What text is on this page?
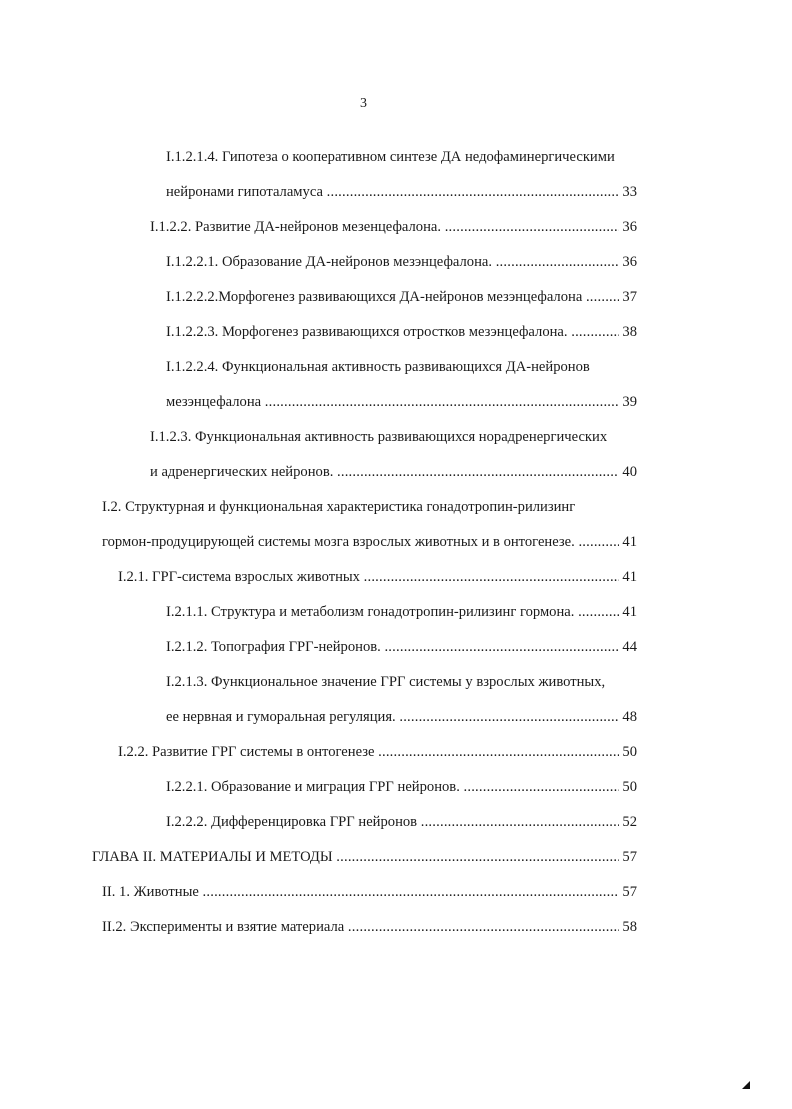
3
I.1.2.1.4. Гипотеза о кооперативном синтезе ДА недофаминергическими
нейронами гипоталамуса	33
.....
I.1.2.2. Развитие ДА-нейронов мезенцефалона.	36
.....
I.1.2.2.1. Образование ДА-нейронов мезэнцефалона.	36
.....
I.1.2.2.2.Морфогенез развивающихся ДА-нейронов мезэнцефалона	37
.....
I.1.2.2.3. Морфогенез развивающихся отростков мезэнцефалона.	38
.....
I.1.2.2.4. Функциональная активность развивающихся ДА-нейронов
мезэнцефалона	39
.....
I.1.2.3. Функциональная активность развивающихся норадренергических
и адренергических нейронов.	40
.....
I.2. Структурная и функциональная характеристика гонадотропин-рилизинг
гормон-продуцирующей системы мозга взрослых животных и в онтогенезе.	41
.....
I.2.1. ГРГ-система взрослых животных	41
.....
I.2.1.1. Структура и метаболизм гонадотропин-рилизинг гормона.	41
.....
I.2.1.2. Топография ГРГ-нейронов.	44
.....
I.2.1.3. Функциональное значение ГРГ системы у взрослых животных,
ее нервная и гуморальная регуляция.	48
.....
I.2.2. Развитие ГРГ системы в онтогенезе	50
.....
I.2.2.1. Образование и миграция ГРГ нейронов.	50
.....
I.2.2.2. Дифференцировка ГРГ нейронов	52
.....
ГЛАВА II. МАТЕРИАЛЫ И МЕТОДЫ	57
.....
II. 1. Животные	57
.....
II.2. Эксперименты и взятие материала	58
.....
